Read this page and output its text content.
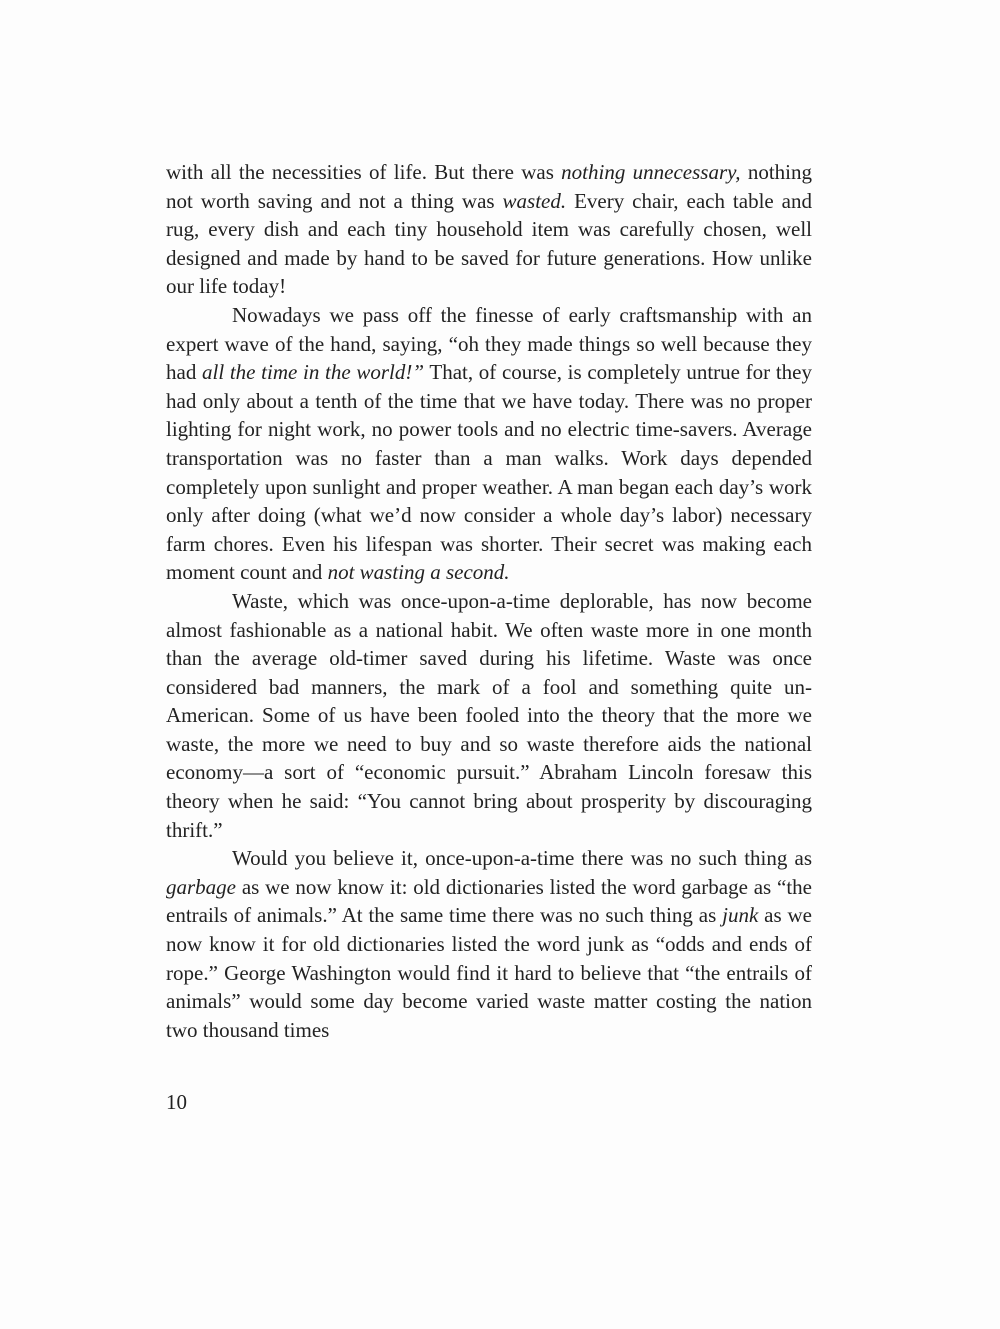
with all the necessities of life. But there was nothing unnecessary, nothing not worth saving and not a thing was wasted. Every chair, each table and rug, every dish and each tiny household item was carefully chosen, well designed and made by hand to be saved for future generations. How unlike our life today!

Nowadays we pass off the finesse of early craftsmanship with an expert wave of the hand, saying, “oh they made things so well because they had all the time in the world!” That, of course, is completely untrue for they had only about a tenth of the time that we have today. There was no proper lighting for night work, no power tools and no electric time-savers. Average transportation was no faster than a man walks. Work days depended completely upon sunlight and proper weather. A man began each day’s work only after doing (what we’d now consider a whole day’s labor) necessary farm chores. Even his lifespan was shorter. Their secret was making each moment count and not wasting a second.

Waste, which was once-upon-a-time deplorable, has now become almost fashionable as a national habit. We often waste more in one month than the average old-timer saved during his lifetime. Waste was once considered bad manners, the mark of a fool and something quite un-American. Some of us have been fooled into the theory that the more we waste, the more we need to buy and so waste therefore aids the national economy—a sort of “economic pursuit.” Abraham Lincoln foresaw this theory when he said: “You cannot bring about prosperity by discouraging thrift.”

Would you believe it, once-upon-a-time there was no such thing as garbage as we now know it: old dictionaries listed the word garbage as “the entrails of animals.” At the same time there was no such thing as junk as we now know it for old dictionaries listed the word junk as “odds and ends of rope.” George Washington would find it hard to believe that “the entrails of animals” would some day become varied waste matter costing the nation two thousand times

10
